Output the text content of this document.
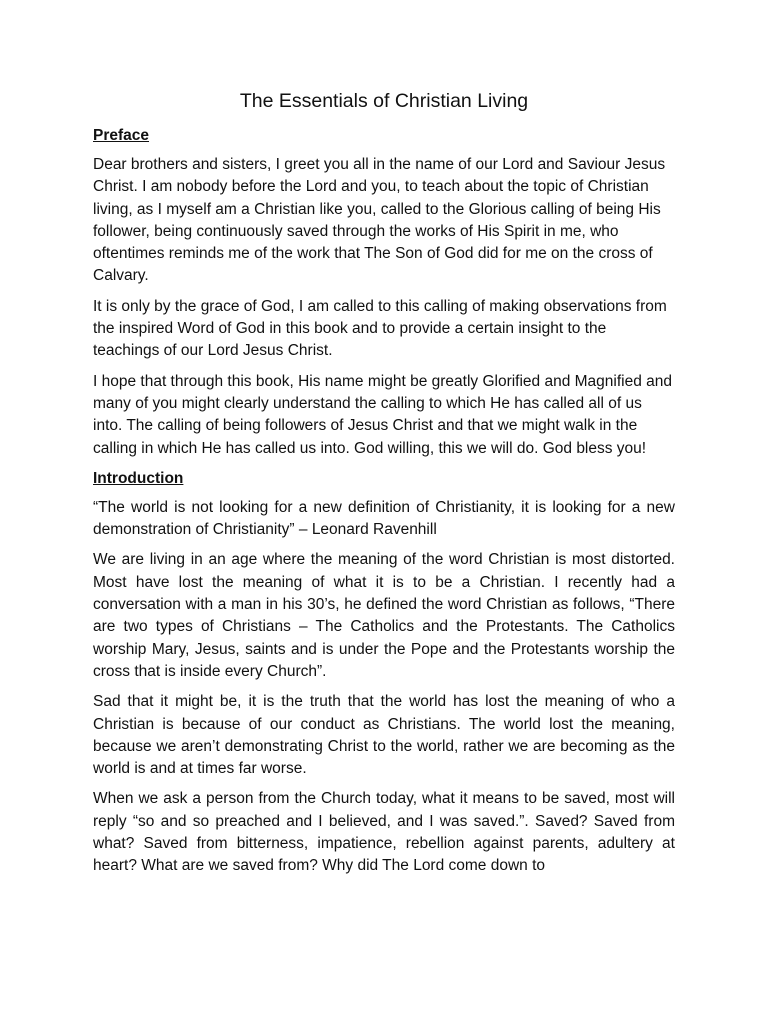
The Essentials of Christian Living
Preface

Dear brothers and sisters, I greet you all in the name of our Lord and Saviour Jesus Christ. I am nobody before the Lord and you, to teach about the topic of Christian living, as I myself am a Christian like you, called to the Glorious calling of being His follower, being continuously saved through the works of His Spirit in me, who oftentimes reminds me of the work that The Son of God did for me on the cross of Calvary.

It is only by the grace of God, I am called to this calling of making observations from the inspired Word of God in this book and to provide a certain insight to the teachings of our Lord Jesus Christ.

I hope that through this book, His name might be greatly Glorified and Magnified and many of you might clearly understand the calling to which He has called all of us into. The calling of being followers of Jesus Christ and that we might walk in the calling in which He has called us into. God willing, this we will do. God bless you!

Introduction

“The world is not looking for a new definition of Christianity, it is looking for a new demonstration of Christianity” – Leonard Ravenhill

We are living in an age where the meaning of the word Christian is most distorted. Most have lost the meaning of what it is to be a Christian. I recently had a conversation with a man in his 30’s, he defined the word Christian as follows, “There are two types of Christians – The Catholics and the Protestants. The Catholics worship Mary, Jesus, saints and is under the Pope and the Protestants worship the cross that is inside every Church”.

Sad that it might be, it is the truth that the world has lost the meaning of who a Christian is because of our conduct as Christians. The world lost the meaning, because we aren’t demonstrating Christ to the world, rather we are becoming as the world is and at times far worse.

When we ask a person from the Church today, what it means to be saved, most will reply “so and so preached and I believed, and I was saved.”. Saved? Saved from what? Saved from bitterness, impatience, rebellion against parents, adultery at heart? What are we saved from? Why did The Lord come down to
